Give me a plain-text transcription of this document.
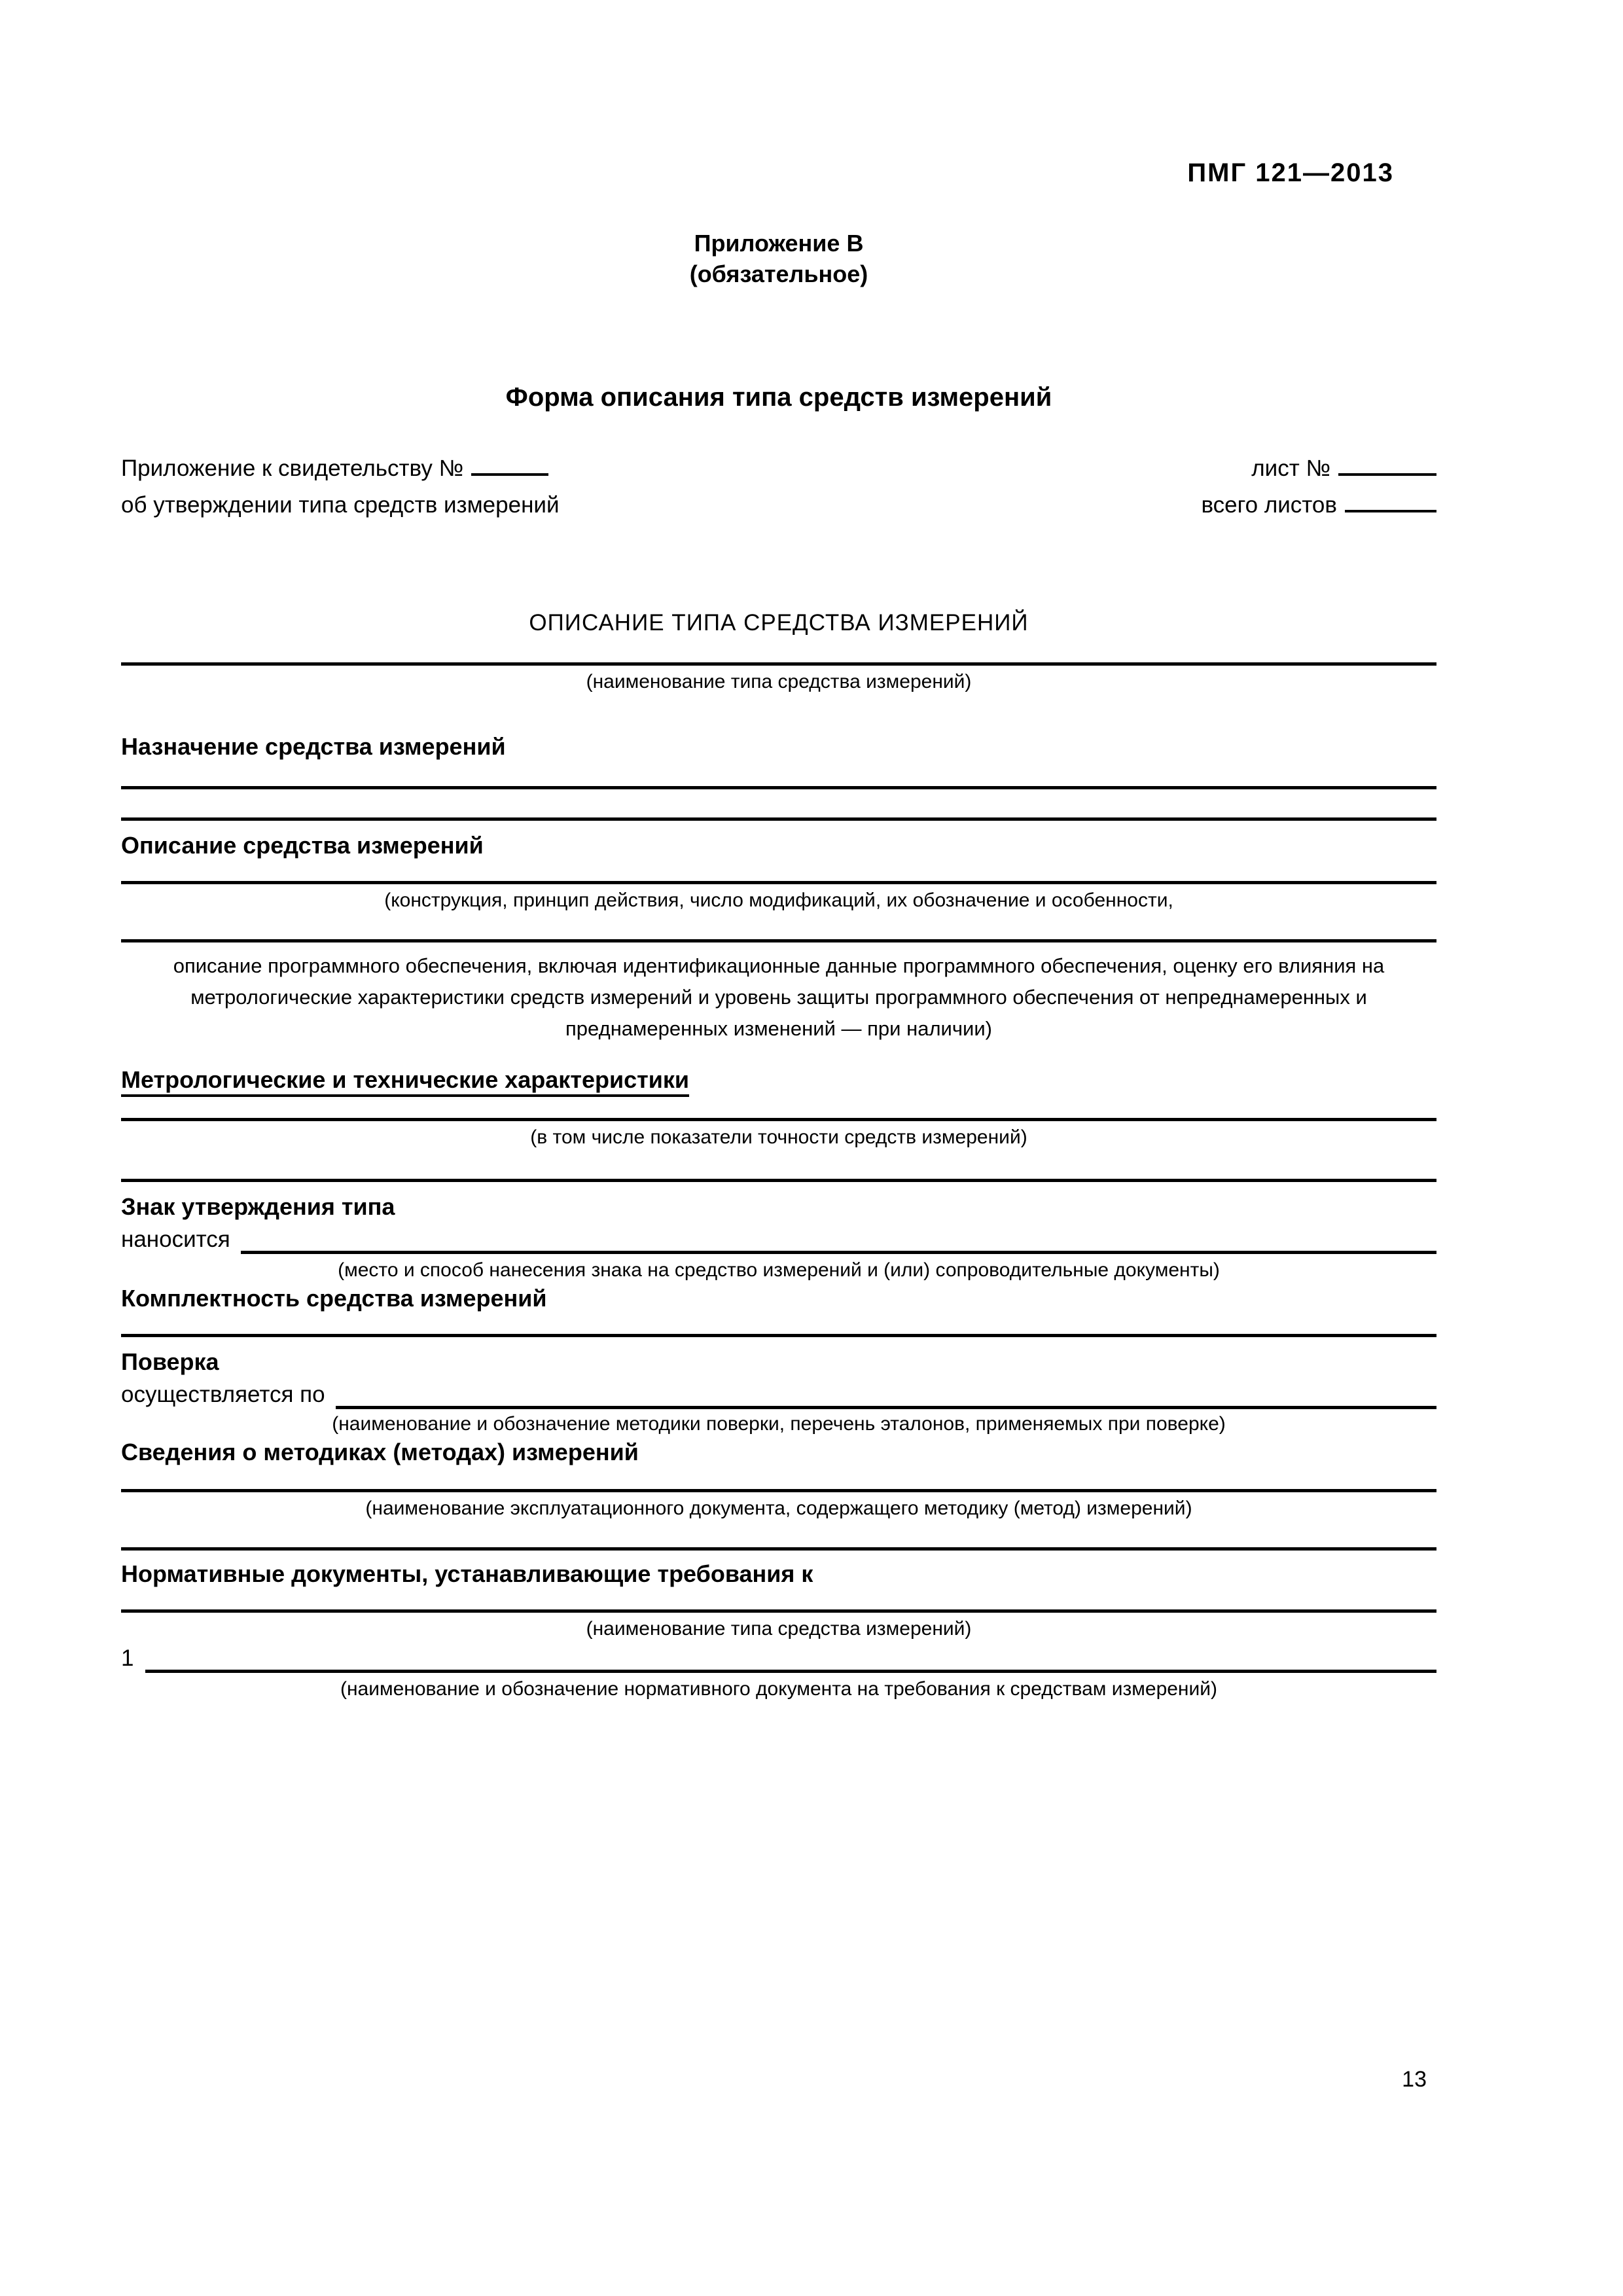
ПМГ 121—2013
Приложение В
(обязательное)
Форма описания типа средств измерений
Приложение к свидетельству №
об утверждении типа средств измерений
лист №
всего листов
ОПИСАНИЕ ТИПА СРЕДСТВА ИЗМЕРЕНИЙ
(наименование типа средства измерений)
Назначение средства измерений
Описание средства измерений
(конструкция, принцип действия, число модификаций, их обозначение и особенности,
описание программного обеспечения, включая идентификационные данные программного обеспечения, оценку его влияния на метрологические характеристики средств измерений и уровень защиты программного обеспечения от непреднамеренных и преднамеренных изменений — при наличии)
Метрологические и технические характеристики
(в том числе показатели точности средств измерений)
Знак утверждения типа
наносится
(место и способ нанесения знака на средство измерений и (или) сопроводительные документы)
Комплектность средства измерений
Поверка
осуществляется по
(наименование и обозначение методики поверки, перечень эталонов, применяемых при поверке)
Сведения о методиках (методах) измерений
(наименование эксплуатационного документа, содержащего методику (метод) измерений)
Нормативные документы, устанавливающие требования к
(наименование типа средства измерений)
1
(наименование и обозначение нормативного документа на требования к средствам измерений)
13
